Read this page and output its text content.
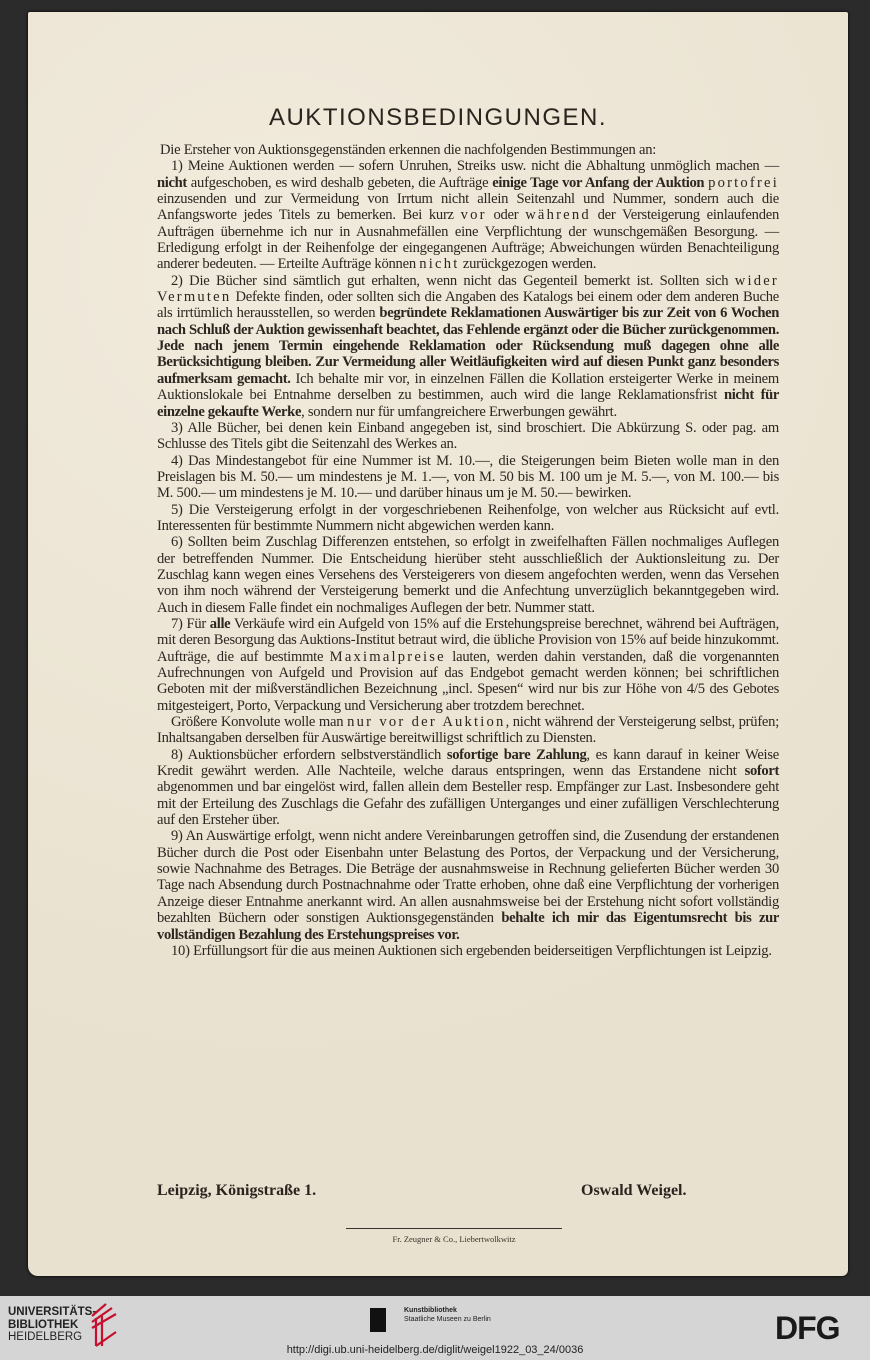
AUKTIONSBEDINGUNGEN.

Die Ersteher von Auktionsgegenständen erkennen die nachfolgenden Bestimmungen an:

1) Meine Auktionen werden — sofern Unruhen, Streiks usw. nicht die Abhaltung unmöglich machen — nicht aufgeschoben, es wird deshalb gebeten, die Aufträge einige Tage vor Anfang der Auktion portofrei einzusenden und zur Vermeidung von Irrtum nicht allein Seitenzahl und Nummer, sondern auch die Anfangsworte jedes Titels zu bemerken. Bei kurz vor oder während der Versteigerung einlaufenden Aufträgen übernehme ich nur in Ausnahmefällen eine Verpflichtung der wunschgemäßen Besorgung. — Erledigung erfolgt in der Reihenfolge der eingegangenen Aufträge; Abweichungen würden Benachteiligung anderer bedeuten. — Erteilte Aufträge können nicht zurückgezogen werden.

2) Die Bücher sind sämtlich gut erhalten, wenn nicht das Gegenteil bemerkt ist. Sollten sich wider Vermuten Defekte finden, oder sollten sich die Angaben des Katalogs bei einem oder dem anderen Buche als irrtümlich herausstellen, so werden begründete Reklamationen Auswärtiger bis zur Zeit von 6 Wochen nach Schluß der Auktion gewissenhaft beachtet, das Fehlende ergänzt oder die Bücher zurückgenommen. Jede nach jenem Termin eingehende Reklamation oder Rücksendung muß dagegen ohne alle Berücksichtigung bleiben. Zur Vermeidung aller Weitläufigkeiten wird auf diesen Punkt ganz besonders aufmerksam gemacht. Ich behalte mir vor, in einzelnen Fällen die Kollation ersteigerter Werke in meinem Auktionslokale bei Entnahme derselben zu bestimmen, auch wird die lange Reklamationsfrist nicht für einzelne gekaufte Werke, sondern nur für umfangreichere Erwerbungen gewährt.

3) Alle Bücher, bei denen kein Einband angegeben ist, sind broschiert. Die Abkürzung S. oder pag. am Schlusse des Titels gibt die Seitenzahl des Werkes an.

4) Das Mindestangebot für eine Nummer ist M. 10.—, die Steigerungen beim Bieten wolle man in den Preislagen bis M. 50.— um mindestens je M. 1.—, von M. 50 bis M. 100 um je M. 5.—, von M. 100.— bis M. 500.— um mindestens je M. 10.— und darüber hinaus um je M. 50.— bewirken.

5) Die Versteigerung erfolgt in der vorgeschriebenen Reihenfolge, von welcher aus Rücksicht auf evtl. Interessenten für bestimmte Nummern nicht abgewichen werden kann.

6) Sollten beim Zuschlag Differenzen entstehen, so erfolgt in zweifelhaften Fällen nochmaliges Auflegen der betreffenden Nummer. Die Entscheidung hierüber steht ausschließlich der Auktionsleitung zu. Der Zuschlag kann wegen eines Versehens des Versteigerers von diesem angefochten werden, wenn das Versehen von ihm noch während der Versteigerung bemerkt und die Anfechtung unverzüglich bekanntgegeben wird. Auch in diesem Falle findet ein nochmaliges Auflegen der betr. Nummer statt.

7) Für alle Verkäufe wird ein Aufgeld von 15% auf die Erstehungspreise berechnet, während bei Aufträgen, mit deren Besorgung das Auktions-Institut betraut wird, die übliche Provision von 15% auf beide hinzukommt. Aufträge, die auf bestimmte Maximalpreise lauten, werden dahin verstanden, daß die vorgenannten Aufrechnungen von Aufgeld und Provision auf das Endgebot gemacht werden können; bei schriftlichen Geboten mit der mißverständlichen Bezeichnung „incl. Spesen“ wird nur bis zur Höhe von 4/5 des Gebotes mitgesteigert, Porto, Verpackung und Versicherung aber trotzdem berechnet.

Größere Konvolute wolle man nur vor der Auktion, nicht während der Versteigerung selbst, prüfen; Inhaltsangaben derselben für Auswärtige bereitwilligst schriftlich zu Diensten.

8) Auktionsbücher erfordern selbstverständlich sofortige bare Zahlung, es kann darauf in keiner Weise Kredit gewährt werden. Alle Nachteile, welche daraus entspringen, wenn das Erstandene nicht sofort abgenommen und bar eingelöst wird, fallen allein dem Besteller resp. Empfänger zur Last. Insbesondere geht mit der Erteilung des Zuschlags die Gefahr des zufälligen Unterganges und einer zufälligen Verschlechterung auf den Ersteher über.

9) An Auswärtige erfolgt, wenn nicht andere Vereinbarungen getroffen sind, die Zusendung der erstandenen Bücher durch die Post oder Eisenbahn unter Belastung des Portos, der Verpackung und der Versicherung, sowie Nachnahme des Betrages. Die Beträge der ausnahmsweise in Rechnung gelieferten Bücher werden 30 Tage nach Absendung durch Postnachnahme oder Tratte erhoben, ohne daß eine Verpflichtung der vorherigen Anzeige dieser Entnahme anerkannt wird. An allen ausnahmsweise bei der Erstehung nicht sofort vollständig bezahlten Büchern oder sonstigen Auktionsgegenständen behalte ich mir das Eigentumsrecht bis zur vollständigen Bezahlung des Erstehungspreises vor.

10) Erfüllungsort für die aus meinen Auktionen sich ergebenden beiderseitigen Verpflichtungen ist Leipzig.

Leipzig, Königstraße 1.	Oswald Weigel.
Fr. Zeugner & Co., Liebertwolkwitz
UNIVERSITÄTS-
BIBLIOTHEK
HEIDELBERG
Kunstbibliothek
Staatliche Museen zu Berlin	DFG
http://digi.ub.uni-heidelberg.de/diglit/weigel1922_03_24/0036
